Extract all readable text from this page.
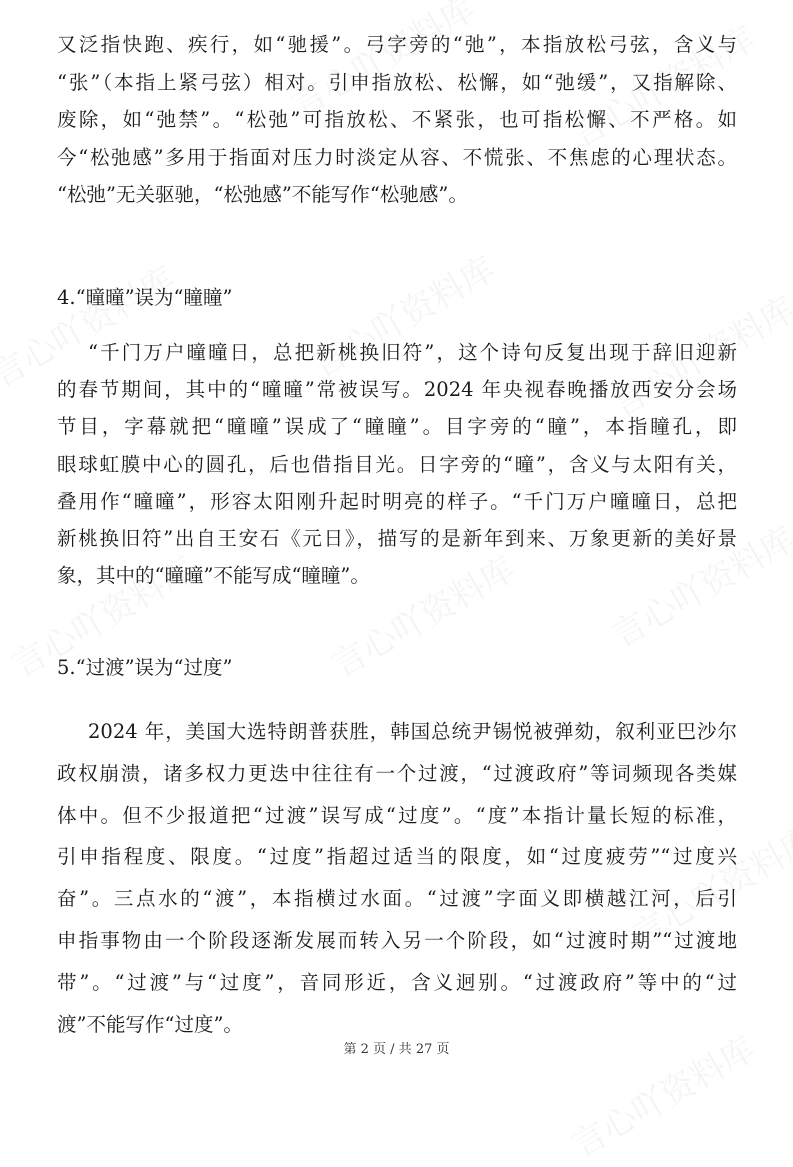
又泛指快跑、疾行，如“驰援”。弓字旁的“弛”，本指放松弓弦，含义与
“张”（本指上紧弓弦）相对。引申指放松、松懈，如“弛缓”，又指解除、
废除，如“弛禁”。“松弛”可指放松、不紧张，也可指松懈、不严格。如
今“松弛感”多用于指面对压力时淡定从容、不慌张、不焦虑的心理状态。
“松弛”无关驱驰，“松弛感”不能写作“松驰感”。
4.“曈曈”误为“瞳瞳”
“千门万户曈曈日，总把新桃换旧符”，这个诗句反复出现于辞旧迎新
的春节期间，其中的“曈曈”常被误写。2024 年央视春晚播放西安分会场
节目，字幕就把“曈曈”误成了“瞳瞳”。目字旁的“瞳”，本指瞳孔，即
眼球虹膜中心的圆孔，后也借指目光。日字旁的“曈”，含义与太阳有关，
叠用作“曈曈”，形容太阳刚升起时明亮的样子。“千门万户曈曈日，总把
新桃换旧符”出自王安石《元日》，描写的是新年到来、万象更新的美好景
象，其中的“曈曈”不能写成“瞳瞳”。
5.“过渡”误为“过度”
2024 年，美国大选特朗普获胜，韩国总统尹锡悦被弹劾，叙利亚巴沙尔
政权崩溃，诸多权力更迭中往往有一个过渡，“过渡政府”等词频现各类媒
体中。但不少报道把“过渡”误写成“过度”。“度”本指计量长短的标准，
引申指程度、限度。“过度”指超过适当的限度，如“过度疲劳”“过度兴
奋”。三点水的“渡”，本指横过水面。“过渡”字面义即横越江河，后引
申指事物由一个阶段逐渐发展而转入另一个阶段，如“过渡时期”“过渡地
带”。“过渡”与“过度”，音同形近，含义迥别。“过渡政府”等中的“过
渡”不能写作“过度”。
第 2 页 / 共 27 页
